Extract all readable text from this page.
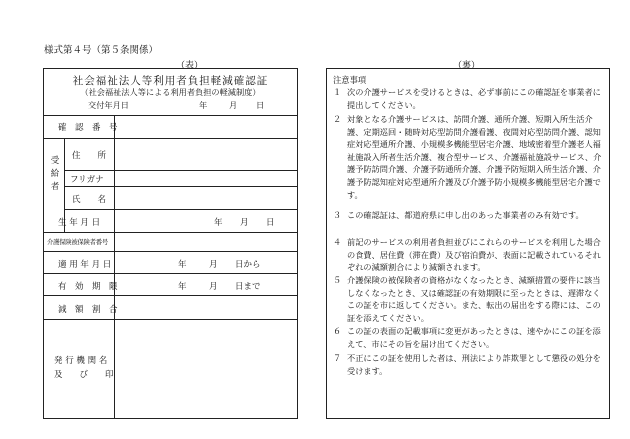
様式第４号（第５条関係）
（表）	（裏）
社会福祉法人等利用者負担軽減確認証
（社会福祉法人等による利用者負担の軽減制度）
交付年月日	年	月 日
確　認　番　号
受給者
住　　所
フリガナ
氏　　名
生 年 月 日	年 月 日
介護保険被保険者番号
適 用 年 月 日	年	月 日から
有　効　期　限	年	月 日まで
減　額　割　合
発 行 機 関 名
及　　び　　印
注意事項
１ 次の介護サービスを受けるときは、必ず事前にこの確認証を事業者に提出してください。
２ 対象となる介護サービスは、訪問介護、通所介護、短期入所生活介護、定期巡回・随時対応型訪問介護看護、夜間対応型訪問介護、認知症対応型通所介護、小規模多機能型居宅介護、地域密着型介護老人福祉施設入所者生活介護、複合型サービス、介護福祉施設サービス、介護予防訪問介護、介護予防通所介護、介護予防短期入所生活介護、介護予防認知症対応型通所介護及び介護予防小規模多機能型居宅介護です。
３ この確認証は、都道府県に申し出のあった事業者のみ有効です。
４ 前記のサービスの利用者負担並びにこれらのサービスを利用した場合の食費、居住費（滞在費）及び宿泊費が、表面に記載されているそれぞれの減額割合により減額されます。
５ 介護保険の被保険者の資格がなくなったとき、減額措置の要件に該当しなくなったとき、又は確認証の有効期限に至ったときは、遅滞なくこの証を市に返してください。また、転出の届出をする際には、この証を添えてください。
６ この証の表面の記載事項に変更があったときは、速やかにこの証を添えて、市にその旨を届け出てください。
７ 不正にこの証を使用した者は、刑法により詐欺罪として懲役の処分を受けます。
